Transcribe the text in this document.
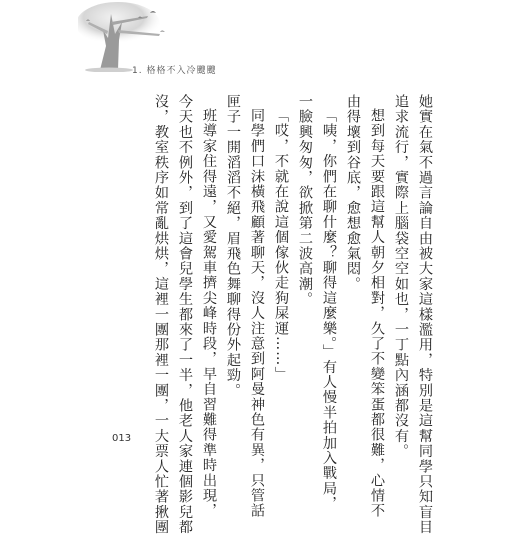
1. 格格不入冷颼颼
她實在氣不過言論自由被大家這樣濫用，特別是這幫同學只知盲目
追求流行，實際上腦袋空空如也，一丁點內涵都沒有。
想到每天要跟這幫人朝夕相對，久了不變笨蛋都很難，心情不
由得壞到谷底，愈想愈氣悶。
「咦，你們在聊什麼？聊得這麼樂。」有人慢半拍加入戰局，
一臉興匆匆，欲掀第二波高潮。
「哎，不就在說這個傢伙走狗屎運……」
同學們口沫橫飛顧著聊天，沒人注意到阿曼神色有異，只管話
匣子一開滔滔不絕，眉飛色舞聊得份外起勁。
班導家住得遠，又愛駕車擠尖峰時段，早自習難得準時出現，
今天也不例外，到了這會兒學生都來了一半，他老人家連個影兒都
沒，教室秩序如常亂烘烘，這裡一團那裡一團，一大票人忙著揪團
013
